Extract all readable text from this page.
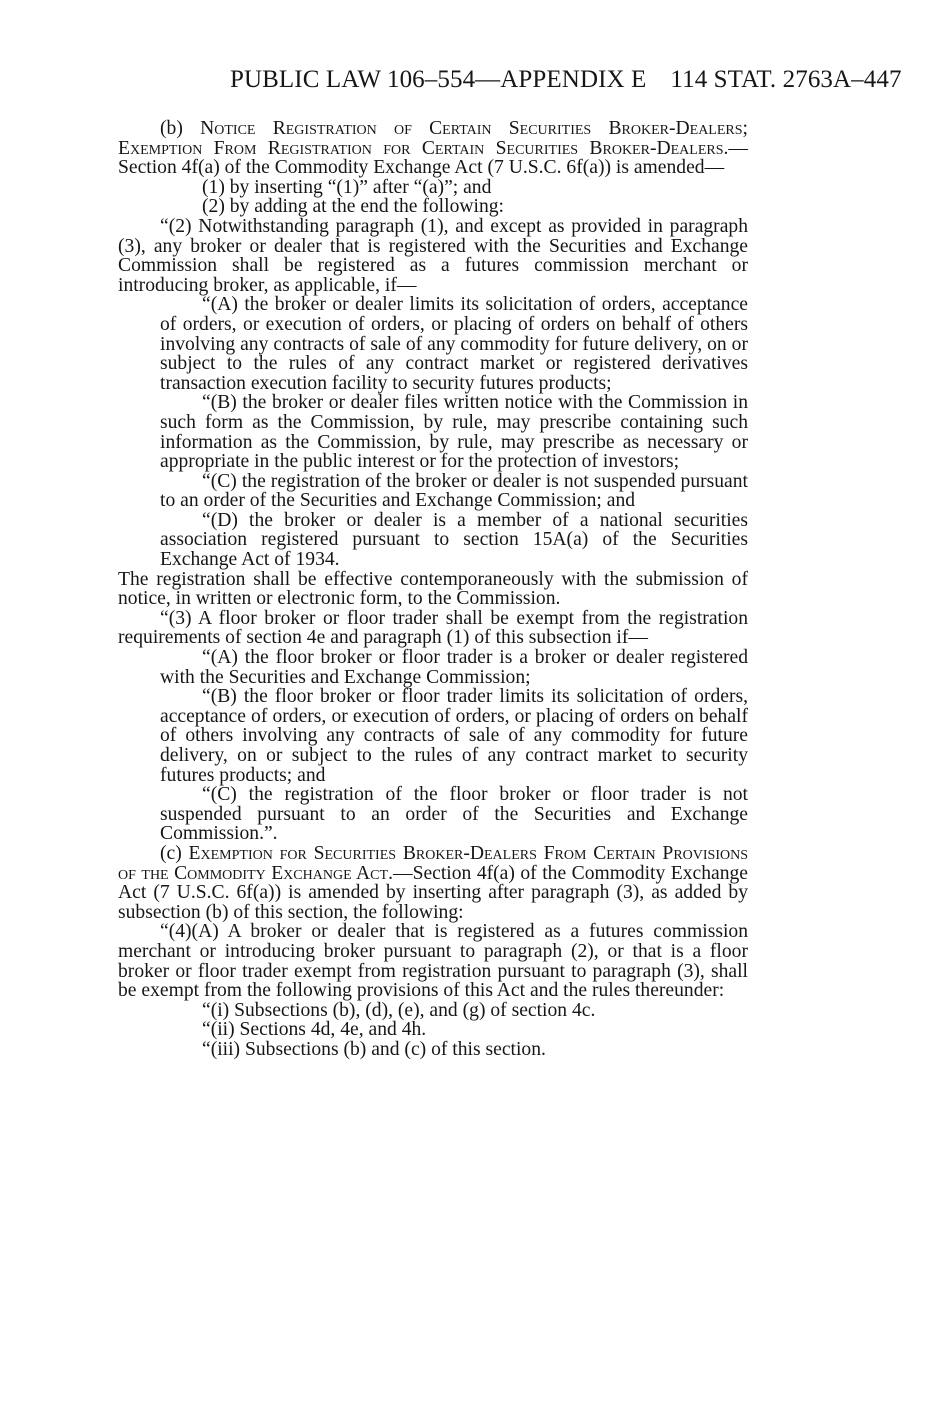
PUBLIC LAW 106–554—APPENDIX E 114 STAT. 2763A–447

(b) Notice Registration of Certain Securities Broker-Dealers; Exemption From Registration for Certain Securities Broker-Dealers.—Section 4f(a) of the Commodity Exchange Act (7 U.S.C. 6f(a)) is amended—

(1) by inserting “(1)” after “(a)”; and

(2) by adding at the end the following:

“(2) Notwithstanding paragraph (1), and except as provided in paragraph (3), any broker or dealer that is registered with the Securities and Exchange Commission shall be registered as a futures commission merchant or introducing broker, as applicable, if—

“(A) the broker or dealer limits its solicitation of orders, acceptance of orders, or execution of orders, or placing of orders on behalf of others involving any contracts of sale of any commodity for future delivery, on or subject to the rules of any contract market or registered derivatives transaction execution facility to security futures products;

“(B) the broker or dealer files written notice with the Commission in such form as the Commission, by rule, may prescribe containing such information as the Commission, by rule, may prescribe as necessary or appropriate in the public interest or for the protection of investors;

“(C) the registration of the broker or dealer is not suspended pursuant to an order of the Securities and Exchange Commission; and

“(D) the broker or dealer is a member of a national securities association registered pursuant to section 15A(a) of the Securities Exchange Act of 1934.

The registration shall be effective contemporaneously with the submission of notice, in written or electronic form, to the Commission.

“(3) A floor broker or floor trader shall be exempt from the registration requirements of section 4e and paragraph (1) of this subsection if—

“(A) the floor broker or floor trader is a broker or dealer registered with the Securities and Exchange Commission;

“(B) the floor broker or floor trader limits its solicitation of orders, acceptance of orders, or execution of orders, or placing of orders on behalf of others involving any contracts of sale of any commodity for future delivery, on or subject to the rules of any contract market to security futures products; and

“(C) the registration of the floor broker or floor trader is not suspended pursuant to an order of the Securities and Exchange Commission.”.

(c) Exemption for Securities Broker-Dealers From Certain Provisions of the Commodity Exchange Act.—Section 4f(a) of the Commodity Exchange Act (7 U.S.C. 6f(a)) is amended by inserting after paragraph (3), as added by subsection (b) of this section, the following:

“(4)(A) A broker or dealer that is registered as a futures commission merchant or introducing broker pursuant to paragraph (2), or that is a floor broker or floor trader exempt from registration pursuant to paragraph (3), shall be exempt from the following provisions of this Act and the rules thereunder:

“(i) Subsections (b), (d), (e), and (g) of section 4c.

“(ii) Sections 4d, 4e, and 4h.

“(iii) Subsections (b) and (c) of this section.
